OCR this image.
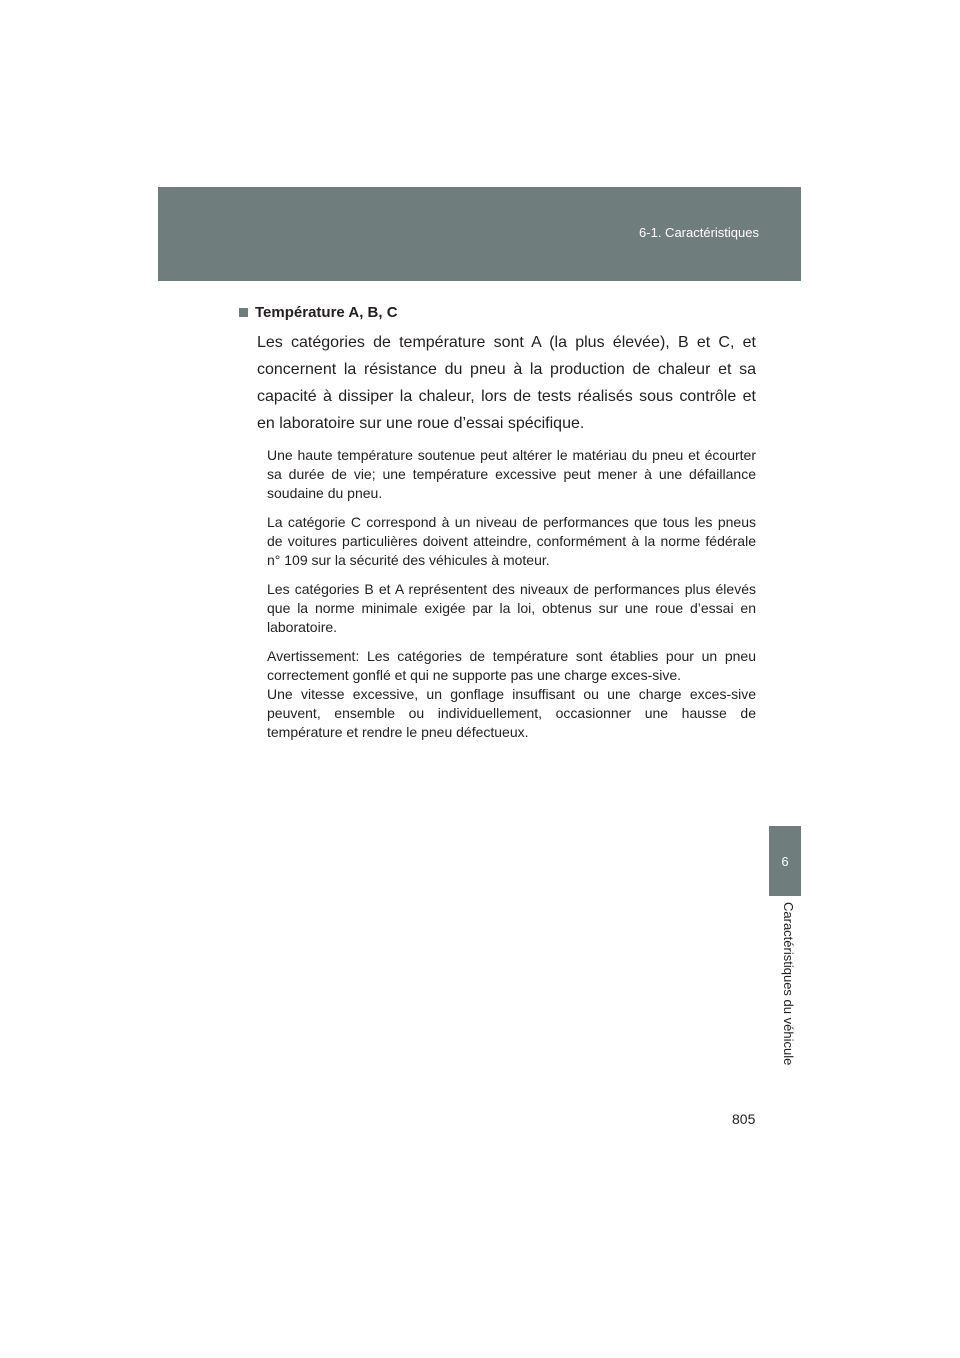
6-1. Caractéristiques

6
Caractéristiques du véhicule
Température A, B, C

Les catégories de température sont A (la plus élevée), B et C, et concernent la résistance du pneu à la production de chaleur et sa capacité à dissiper la chaleur, lors de tests réalisés sous contrôle et en laboratoire sur une roue d’essai spécifique.

Une haute température soutenue peut altérer le matériau du pneu et écourter sa durée de vie; une température excessive peut mener à une défaillance soudaine du pneu.

La catégorie C correspond à un niveau de performances que tous les pneus de voitures particulières doivent atteindre, conformément à la norme fédérale n° 109 sur la sécurité des véhicules à moteur.

Les catégories B et A représentent des niveaux de performances plus élevés que la norme minimale exigée par la loi, obtenus sur une roue d’essai en laboratoire.

Avertissement: Les catégories de température sont établies pour un pneu correctement gonflé et qui ne supporte pas une charge exces-sive.
Une vitesse excessive, un gonflage insuffisant ou une charge exces-sive peuvent, ensemble ou individuellement, occasionner une hausse de température et rendre le pneu défectueux.

805
